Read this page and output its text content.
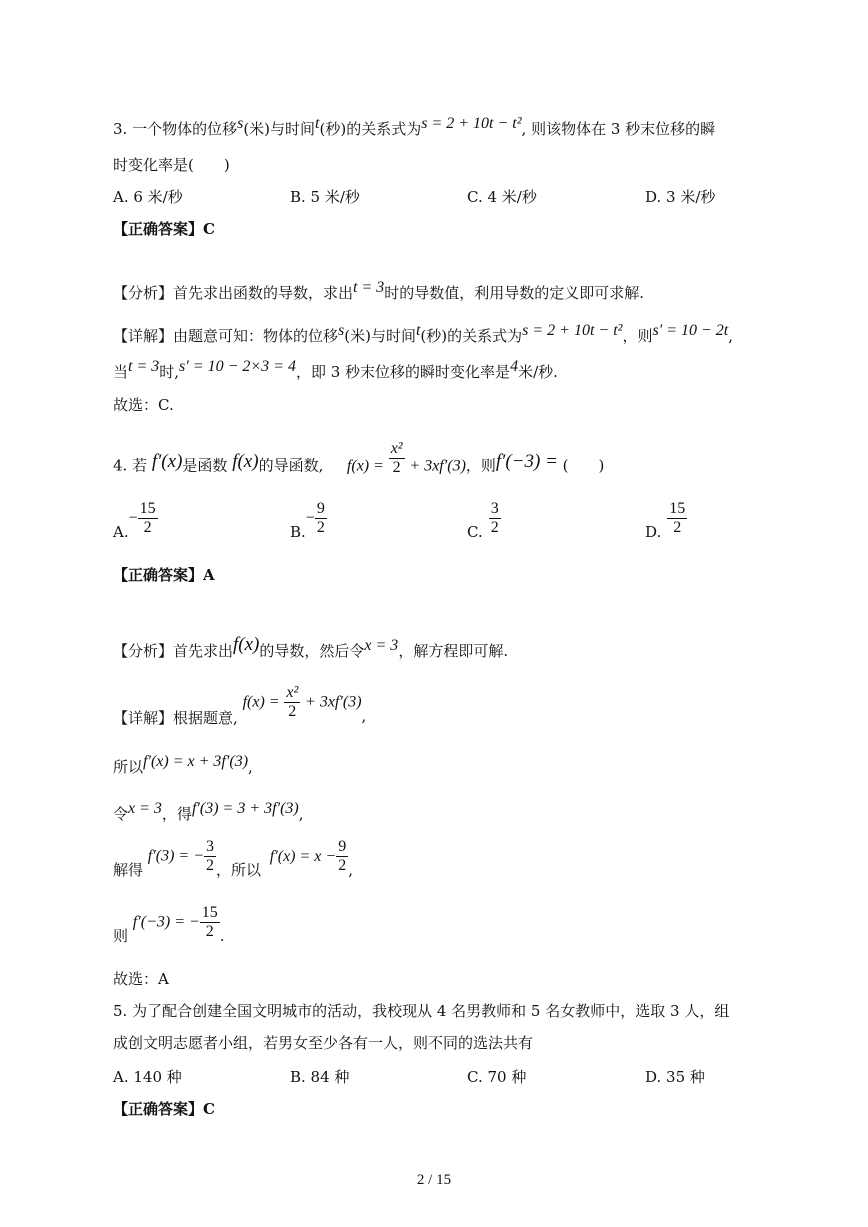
3. 一个物体的位移s(米)与时间t(秒)的关系式为s = 2 + 10t − t², 则该物体在 3 秒末位移的瞬
时变化率是(　　)
A. 6 米/秒	B. 5 米/秒	C. 4 米/秒	D. 3 米/秒
【正确答案】C
【分析】首先求出函数的导数，求出t = 3时的导数值，利用导数的定义即可求解.
【详解】由题意可知：物体的位移s(米)与时间t(秒)的关系式为s = 2 + 10t − t²，则s′ = 10 − 2t,
当t = 3时,s′ = 10 − 2×3 = 4，即 3 秒末位移的瞬时变化率是4米/秒.
故选：C.
4. 若 f′(x)是函数 f(x)的导函数, $f(x) = \frac{\text{x²}}{2} + 3xf'(3)$，则f′(−3) = (　　)
$A.- \frac{15}{2}$	$B.- \frac{9}{2}$	C. $\frac{3}{2}$	D. $\frac{15}{2}$
【正确答案】A
【分析】首先求出f(x)的导数，然后令x = 3，解方程即可解.
【详解】根据题意, $f(x) = \frac{\text{x²}}{2} + 3xf'(3)$,
所以f′(x) = x + 3f′(3),
令x = 3，得f′(3) = 3 + 3f′(3),
解得 f′(3) = − $\frac{3}{2}$ ，所以 $f'(x) = x - \frac{9}{2}$ ,
则 f′(−3) = − $\frac{15}{2}$ .
故选：A
5. 为了配合创建全国文明城市的活动，我校现从 4 名男教师和 5 名女教师中，选取 3 人，组
成创文明志愿者小组，若男女至少各有一人，则不同的选法共有
A. 140 种	B. 84 种	C. 70 种	D. 35 种
【正确答案】C
2 / 15
